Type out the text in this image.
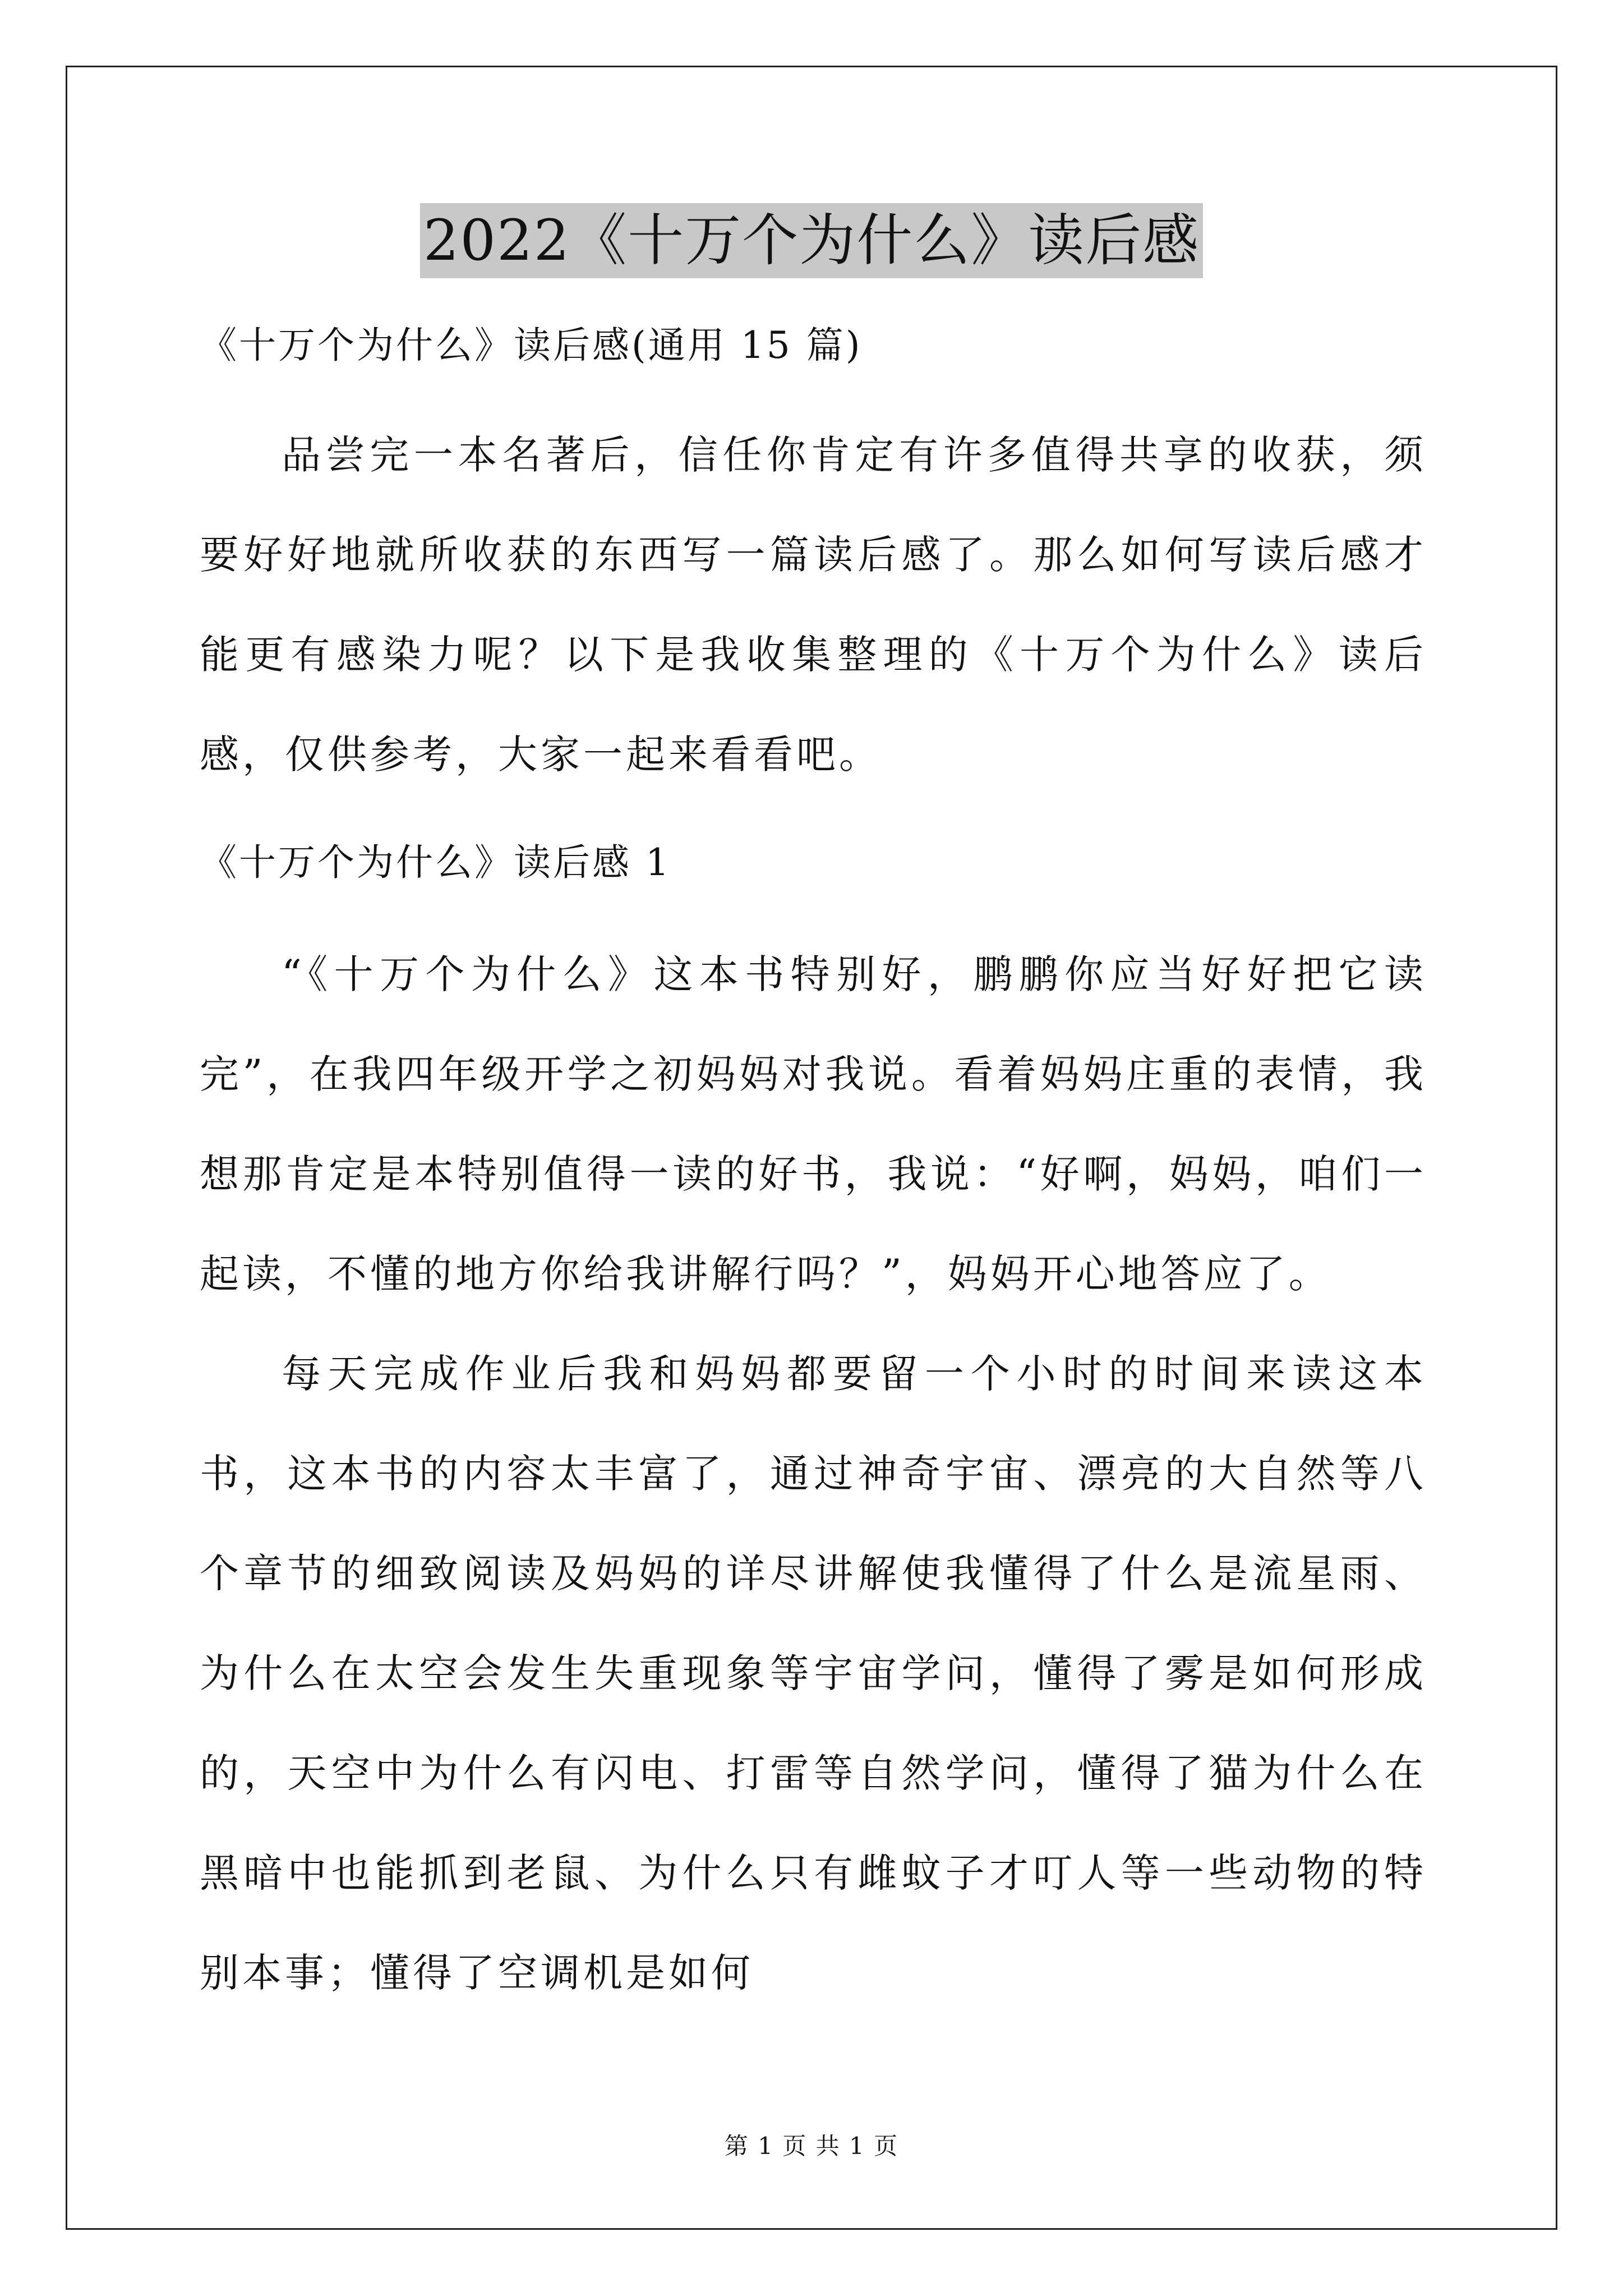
2022《十万个为什么》读后感

《十万个为什么》读后感(通用 15 篇)

品尝完一本名著后，信任你肯定有许多值得共享的收获，须要好好地就所收获的东西写一篇读后感了。那么如何写读后感才能更有感染力呢？以下是我收集整理的《十万个为什么》读后感，仅供参考，大家一起来看看吧。

《十万个为什么》读后感 1

“《十万个为什么》这本书特别好，鹏鹏你应当好好把它读完”，在我四年级开学之初妈妈对我说。看着妈妈庄重的表情，我想那肯定是本特别值得一读的好书，我说：“好啊，妈妈，咱们一起读，不懂的地方你给我讲解行吗？”，妈妈开心地答应了。

每天完成作业后我和妈妈都要留一个小时的时间来读这本书，这本书的内容太丰富了，通过神奇宇宙、漂亮的大自然等八个章节的细致阅读及妈妈的详尽讲解使我懂得了什么是流星雨、为什么在太空会发生失重现象等宇宙学问，懂得了雾是如何形成的，天空中为什么有闪电、打雷等自然学问，懂得了猫为什么在黑暗中也能抓到老鼠、为什么只有雌蚊子才叮人等一些动物的特别本事；懂得了空调机是如何

第 1 页 共 1 页
